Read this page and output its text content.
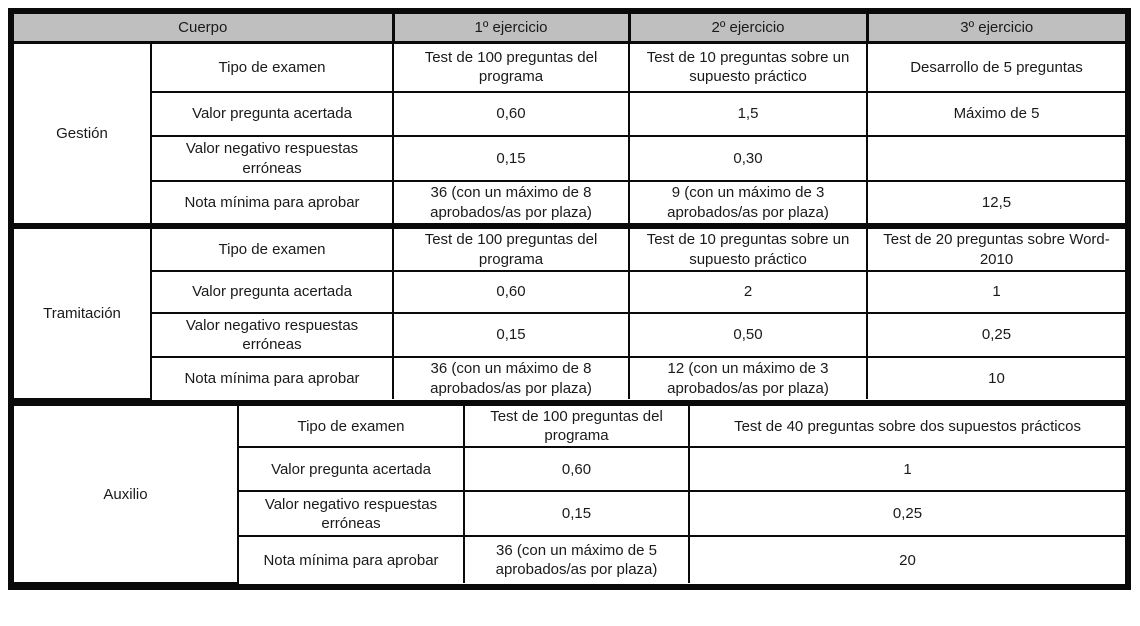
Cuerpo		1º ejercicio	2º ejercicio	3º ejercicio
Gestión	Tipo de examen	Test de 100 preguntas del programa	Test de 10 preguntas sobre un supuesto práctico	Desarrollo de 5 preguntas
	Valor pregunta acertada	0,60	1,5	Máximo de 5
	Valor negativo respuestas erróneas	0,15	0,30	
	Nota mínima para aprobar	36 (con un máximo de 8 aprobados/as por plaza)	9 (con un máximo de 3 aprobados/as por plaza)	12,5
Tramitación	Tipo de examen	Test de 100 preguntas del programa	Test de 10 preguntas sobre un supuesto práctico	Test de 20 preguntas sobre Word-2010
	Valor pregunta acertada	0,60	2	1
	Valor negativo respuestas erróneas	0,15	0,50	0,25
	Nota mínima para aprobar	36 (con un máximo de 8 aprobados/as por plaza)	12 (con un máximo de 3 aprobados/as por plaza)	10
Auxilio	Tipo de examen	Test de 100 preguntas del programa	Test de 40 preguntas sobre dos supuestos prácticos
	Valor pregunta acertada	0,60	1
	Valor negativo respuestas erróneas	0,15	0,25
	Nota mínima para aprobar	36 (con un máximo de 5 aprobados/as por plaza)	20
